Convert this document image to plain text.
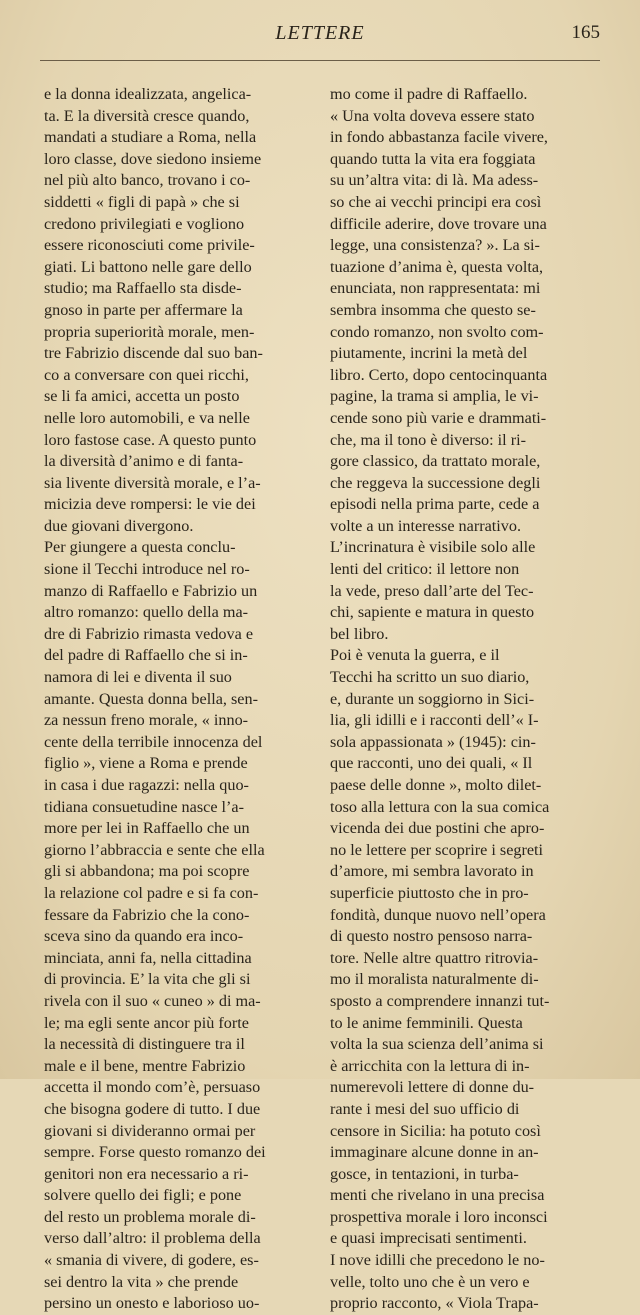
LETTERE	165
e la donna idealizzata, angelica-
ta. E la diversità cresce quando,
mandati a studiare a Roma, nella
loro classe, dove siedono insieme
nel più alto banco, trovano i co-
siddetti « figli di papà » che si
credono privilegiati e vogliono
essere riconosciuti come privile-
giati. Li battono nelle gare dello
studio; ma Raffaello sta disde-
gnoso in parte per affermare la
propria superiorità morale, men-
tre Fabrizio discende dal suo ban-
co a conversare con quei ricchi,
se li fa amici, accetta un posto
nelle loro automobili, e va nelle
loro fastose case. A questo punto
la diversità d’animo e di fanta-
sia livente diversità morale, e l’a-
micizia deve rompersi: le vie dei
due giovani divergono.
Per giungere a questa conclu-
sione il Tecchi introduce nel ro-
manzo di Raffaello e Fabrizio un
altro romanzo: quello della ma-
dre di Fabrizio rimasta vedova e
del padre di Raffaello che si in-
namora di lei e diventa il suo
amante. Questa donna bella, sen-
za nessun freno morale, « inno-
cente della terribile innocenza del
figlio », viene a Roma e prende
in casa i due ragazzi: nella quo-
tidiana consuetudine nasce l’a-
more per lei in Raffaello che un
giorno l’abbraccia e sente che ella
gli si abbandona; ma poi scopre
la relazione col padre e si fa con-
fessare da Fabrizio che la cono-
sceva sino da quando era inco-
minciata, anni fa, nella cittadina
di provincia. E’ la vita che gli si
rivela con il suo « cuneo » di ma-
le; ma egli sente ancor più forte
la necessità di distinguere tra il
male e il bene, mentre Fabrizio
accetta il mondo com’è, persuaso
che bisogna godere di tutto. I due
giovani si divideranno ormai per
sempre. Forse questo romanzo dei
genitori non era necessario a ri-
solvere quello dei figli; e pone
del resto un problema morale di-
verso dall’altro: il problema della
« smania di vivere, di godere, es-
sei dentro la vita » che prende
persino un onesto e laborioso uo-
mo come il padre di Raffaello.
« Una volta doveva essere stato
in fondo abbastanza facile vivere,
quando tutta la vita era foggiata
su un’altra vita: di là. Ma adess-
so che ai vecchi principi era così
difficile aderire, dove trovare una
legge, una consistenza? ». La si-
tuazione d’anima è, questa volta,
enunciata, non rappresentata: mi
sembra insomma che questo se-
condo romanzo, non svolto com-
piutamente, incrini la metà del
libro. Certo, dopo centocinquanta
pagine, la trama si amplia, le vi-
cende sono più varie e drammati-
che, ma il tono è diverso: il ri-
gore classico, da trattato morale,
che reggeva la successione degli
episodi nella prima parte, cede a
volte a un interesse narrativo.
L’incrinatura è visibile solo alle
lenti del critico: il lettore non
la vede, preso dall’arte del Tec-
chi, sapiente e matura in questo
bel libro.
Poi è venuta la guerra, e il
Tecchi ha scritto un suo diario,
e, durante un soggiorno in Sici-
lia, gli idilli e i racconti dell’« I-
sola appassionata » (1945): cin-
que racconti, uno dei quali, « Il
paese delle donne », molto dilet-
toso alla lettura con la sua comica
vicenda dei due postini che apro-
no le lettere per scoprire i segreti
d’amore, mi sembra lavorato in
superficie piuttosto che in pro-
fondità, dunque nuovo nell’opera
di questo nostro pensoso narra-
tore. Nelle altre quattro ritrovia-
mo il moralista naturalmente di-
sposto a comprendere innanzi tut-
to le anime femminili. Questa
volta la sua scienza dell’anima si
è arricchita con la lettura di in-
numerevoli lettere di donne du-
rante i mesi del suo ufficio di
censore in Sicilia: ha potuto così
immaginare alcune donne in an-
gosce, in tentazioni, in turba-
menti che rivelano in una precisa
prospettiva morale i loro inconsci
e quasi imprecisati sentimenti.
I nove idilli che precedono le no-
velle, tolto uno che è un vero e
proprio racconto, « Viola Trapa-
